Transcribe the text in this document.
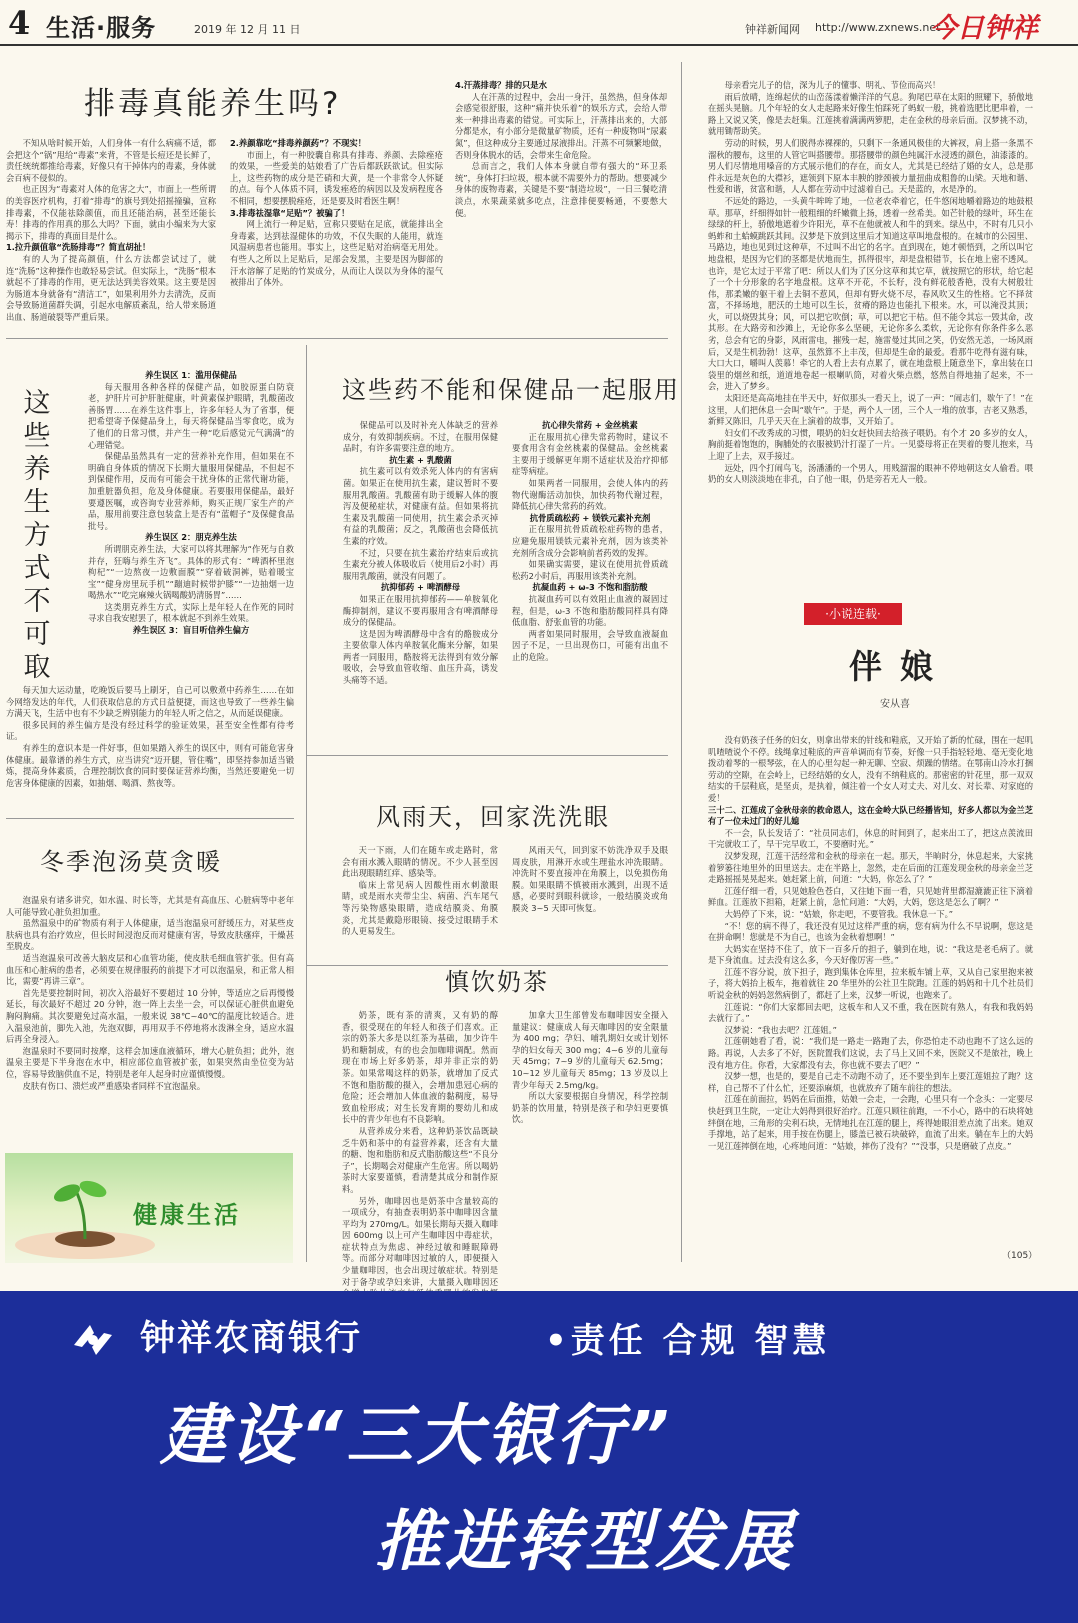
4 生活·服务	2019 年 12 月 11 日	钟祥新闻网 http://www.zxnews.net
今日钟祥
排毒真能养生吗?

不知从啥时候开始，人们身体一有什么病痛不适，都会把这个“锅”甩给“毒素”来背，不管是长痘还是长鲜了，责任统统都推给毒素，好像只有干掉体内的毒素，身体就会百病不侵似的。

也正因为“毒素对人体的危害之大”，市面上一些所谓的美容医疗机构，打着“排毒”的旗号到处招摇撞骗，宣称排毒素，不仅能祛除颜值，而且还能治病，甚至还能长寿！排毒的作用真的那么大吗？下面，就由小编来为大家揭示下，排毒的真面目是什么。

1.拉升颜值靠“洗肠排毒”？简直胡扯！

有的人为了提高颜值，什么方法都尝试过了，就连“洗肠”这种操作也敢轻易尝试。但实际上，“洗肠”根本就起不了排毒的作用，更无法达到美容效果。这主要是因为肠道本身就备有“清洁工”，如果利用外力去清洗，反而会导致肠道菌群失调，引起水电解质紊乱，给人带来肠道出血、肠道破裂等严重后果。

2.养颜靠吃“排毒养颜药”？不现实！

市面上，有一种胶囊自称具有排毒、养颜、去除痤疮的效果，一些爱美的姑娘看了广告后都跃跃欲试。但实际上，这些药物的成分是芒硝和大黄，是一个非常令人怀疑的点。每个人体质不同，诱发痤疮的病因以及发病程度各不相同，想要摆脱痤疮，还是要及时看医生啊！

3.排毒祛湿靠“足贴”？被骗了！

网上流行一种足贴，宣称只要贴在足底，就能排出全身毒素，达到祛湿健体的功效，不仅失眠的人能用，就连风湿病患者也能用。事实上，这些足贴对治病毫无用处。有些人之所以上足贴后，足部会发黑，主要是因为脚部的汗水溶解了足贴的竹炭成分，从而让人误以为身体的湿气被排出了体外。

4.汗蒸排毒？排的只是水

人在汗蒸的过程中，会出一身汗，虽然热，但身体却会感觉很舒服，这种“痛并快乐着”的娱乐方式，会给人带来一种排出毒素的错觉。可实际上，汗蒸排出来的，大部分都是水，有小部分是微量矿物质，还有一种废物叫“尿素氮”，但这种成分主要通过尿液排出。汗蒸不可频繁地做，否则身体脱水的话，会带来生命危险。

总而言之，我们人体本身就自带有强大的“环卫系统”，身体打扫垃圾，根本就不需要外力的帮助。想要减少身体的废物毒素，关键是不要“制造垃圾”，一日三餐吃清淡点，水果蔬菜就多吃点，注意排便要畅通，不要憋大便。

这些养生方式不可取

养生误区 1：滥用保健品

每天服用各种各样的保健产品，如胶原蛋白防衰老，护肝片可护肝脏健康，叶黄素保护眼睛，乳酸菌改善肠胃……在养生这件事上，许多年轻人为了省事，便把希望寄予保健品身上，每天将保健品当零食吃，成为了他们的日常习惯，并产生一种“吃后感觉元气满满”的心理错觉。

保健品虽然具有一定的营养补充作用，但如果在不明确自身体质的情况下长期大量服用保健品，不但起不到保健作用，反而有可能会干扰身体的正常代谢功能，加重脏器负担，危及身体健康。若要服用保健品，最好要遵医嘱，或咨询专业营养师，购买正规厂家生产的产品，服用前要注意包装盒上是否有“蓝帽子”及保健食品批号。

养生误区 2：朋克养生法

所谓朋克养生法，大家可以将其理解为“作死与自救并存，狂嗨与养生齐飞”。具体的形式有：“啤酒杯里泡枸杞”“一边熬夜一边敷面膜”“穿着破洞裤，贴着暖宝宝”“健身房里玩手机”“蹦迪时候带护膝”“一边抽烟一边喝热水”“吃完麻辣火锅喝酸奶清肠胃”……

这类朋克养生方式，实际上是年轻人在作死的同时寻求自我安慰罢了，根本就起不到养生效果。

养生误区 3：盲目听信养生偏方

每天加大运动量，吃晚饭后要马上刷牙，自己可以敷煮中药养生……在如今网络发达的年代，人们获取信息的方式日益便捷，而这也导致了一些养生偏方满天飞，生活中也有不少缺乏辨别能力的年轻人听之信之，从而延误健康。

很多民间的养生偏方是没有经过科学的验证效果，甚至安全性都有待考证。

有养生的意识本是一件好事，但如果踏入养生的误区中，则有可能危害身体健康。最靠谱的养生方式，应当讲究“迈开腿，管住嘴”，即坚持参加适当锻炼，提高身体素质，合理控制饮食的同时要保证营养均衡，当然还要避免一切危害身体健康的因素，如抽烟、喝酒、熬夜等。

这些药不能和保健品一起服用

保健品可以及时补充人体缺乏的营养成分，有效抑制疾病。不过，在服用保健品时，有许多需要注意的地方。

抗生素 + 乳酸菌

抗生素可以有效杀死人体内的有害病菌。如果正在使用抗生素，建议暂时不要服用乳酸菌。乳酸菌有助于缓解人体的腹泻及便秘症状，对健康有益。但如果将抗生素及乳酸菌一同使用，抗生素会杀灭掉有益的乳酸菌；反之，乳酸菌也会降低抗生素的疗效。

不过，只要在抗生素治疗结束后或抗生素充分被人体吸收后（使用后2小时）再服用乳酸菌，就没有问题了。

抗抑郁药 + 啤酒酵母

如果正在服用抗抑郁药——单胺氧化酶抑制剂，建议不要再服用含有啤酒酵母成分的保健品。

这是因为啤酒酵母中含有的酪胺成分主要依靠人体内单胺氧化酶来分解，如果两者一同服用，酪胺将无法得到有效分解吸收，会导致血管收缩、血压升高，诱发头痛等不适。

抗心律失常药 + 金丝桃素

正在服用抗心律失常药物时，建议不要食用含有金丝桃素的保健品。金丝桃素主要用于缓解更年期不适症状及治疗抑郁症等病症。

如果两者一同服用，会使人体内的药物代谢酶活动加快，加快药物代谢过程，降低抗心律失常药的药效。

抗骨质疏松药 + 镁铁元素补充剂

正在服用抗骨质疏松症药物的患者，应避免服用镁铁元素补充剂，因为该类补充剂所含成分会影响前者药效的发挥。

如果确实需要，建议在使用抗骨质疏松药2小时后，再服用该类补充剂。

抗凝血药 + ω-3 不饱和脂肪酸

抗凝血药可以有效阻止血液的凝固过程，但是，ω-3 不饱和脂肪酸同样具有降低血脂、舒张血管的功能。

两者如果同时服用，会导致血液凝血因子不足，一旦出现伤口，可能有出血不止的危险。

风雨天，回家洗洗眼

天一下雨，人们在随车或走路时，常会有雨水溅入眼睛的情况。不少人甚至因此出现眼睛红痒、感染等。

临床上常见病人因酸性雨水刺激眼睛，或是雨水夹带尘尘、病菌、汽车尾气等污染物感染眼睛，造成结膜炎、角膜炎，尤其是戴隐形眼镜、接受过眼睛手术的人更易发生。

风雨天气，回到家不妨洗净双手及眼周皮肤，用淋开水或生理盐水冲洗眼睛。冲洗时不要直接冲在角膜上，以免损伤角膜。如果眼睛不慎被雨水溅到，出现不适感，必要时到眼科就诊，一般结膜炎或角膜炎 3~5 天即可恢复。

冬季泡汤莫贪暖

泡温泉有诸多讲究，如水温、时长等，尤其是有高血压、心脏病等中老年人可能导致心脏负担加重。

虽然温泉中的矿物质有利于人体健康，适当泡温泉可舒缓压力，对某些皮肤病也具有治疗效应，但长时间浸泡反而对健康有害，导致皮肤瘙痒，干燥甚至脱皮。

适当泡温泉可改善大脑皮层和心血管功能，使皮肤毛细血管扩张。但有高血压和心脏病的患者，必须要在规律服药的前提下才可以泡温泉，和正常人相比，需要“再讲三章”。

首先是要控制时间，初次入浴最好不要超过 10 分钟，等适应之后再慢慢延长，每次最好不超过 20 分钟，泡一阵上去坐一会，可以保证心脏供血避免胸闷胸痛。其次要避免过高水温，一般来说 38℃~40℃的温度比较适合。进入温泉池前，脚先入池，先泡双脚，再用双手不停地将水泼淋全身，适应水温后再全身浸入。

泡温泉时不要同时按摩，这样会加速血液循环，增大心脏负担；此外，泡温泉主要是下半身泡在水中，相应部位血管被扩张，如果突然由坐位变为站位，容易导致脑供血不足，特别是老年人起身时应谨慎慢慢。

皮肤有伤口、溃烂或严重感染者同样不宜泡温泉。

健康生活
慎饮奶茶

奶茶，既有茶的清爽，又有奶的醇香，很受现在的年轻人和孩子们喜欢。正宗的奶茶大多是以红茶为基础，加少许牛奶和糖制成，有的也会加咖啡调配。然而现在市场上好多奶茶，却并非正宗的奶茶。如果常喝这样的奶茶，就增加了反式不饱和脂肪酸的摄入，会增加患冠心病的危险；还会增加人体血液的黏稠度，易导致血栓形成；对生长发育期的婴幼儿和成长中的青少年也有不良影响。

从营养成分来看，这种奶茶饮品既缺乏牛奶和茶中的有益营养素，还含有大量的糖、饱和脂肪和反式脂肪酸这些“不良分子”，长期喝会对健康产生危害。所以喝奶茶时大家要谨慎，看清楚其成分和制作原料。

另外，咖啡因也是奶茶中含量较高的一项成分，有抽查表明奶茶中咖啡因含量平均为 270mg/L。如果长期每天摄入咖啡因 600mg 以上可产生咖啡因中毒症状，症状特点为焦虑、神经过敏和睡眠障碍等。而部分对咖啡因过敏的人，即便摄入少量咖啡因，也会出现过敏症状。特别是对于备孕或孕妇来讲，大量摄入咖啡因还

加拿大卫生部曾发布咖啡因安全摄入量建议：健康成人每天咖啡因的安全限量为 400 mg；孕妇、哺乳期妇女或计划怀孕的妇女每天 300 mg；4~6 岁的儿童每天 45mg；7~9 岁的儿童每天 62.5mg；10~12 岁儿童每天 85mg；13 岁及以上青少年每天 2.5mg/kg。

所以大家要根据自身情况，科学控制奶茶的饮用量，特别是孩子和孕妇更要慎饮。

母亲看完儿子的信，深为儿子的懂事、明礼、节俭而高兴！

雨后放晴，连绵起伏的山峦荡漾着懒洋洋的气息。狗尾巴草在太阳的照耀下，骄傲地在摇头晃脑。几个年轻的女人走起路来好像生怕踩死了蚂蚁一般，挑着选肥比肥串着，一路上又说又笑，像是去赶集。江莲挑着满满两箩肥，走在金秋的母亲后面。汉梦挑不动，就用锄帮助笑。

劳动的时候，男人们脱得赤裸裸的，只剩下一条通风极佳的大裤衩，肩上搭一条黑不溜秋的腰布，这里的人管它叫搭腰带。那搭腰带的颜色纯属汗水浸透的颜色，油漆漆的。男人们尽情地用嗓音的方式展示他们的存在，而女人，尤其是已经结了婚的女人，总是那件永远是灰色的大襟衫，遮领到下原本丰腴的脖颈被力量扭曲成粗鲁的山梁。天地和谐、性爱和谐，贫富和谐，人人都在劳动中过滤着自己。天是蓝的，水是净的。

不远处的路边，一头黄牛哞哞了地，一位老农牵着它，任牛悠闲地嚼着路边的地鼓根草。那草，纤细得如针一般粗细的纤嫩微上扬，透着一丝希美。如芒针般的绿叶，环生在绿绿的杆上，骄傲地遮着少许阳光，草不在他就被人和牛的到来。绿丛中，不时有几只小蚂蚱和土蛤蟆跳跃其间。汉梦是下放到这里后才知道这草叫地盘根的。在城市的公园里、马路边，地也见到过这种草，不过叫不出它的名字。直到现在，她才顿悟到，之所以叫它地盘根，是因为它们的茎都是伏地而生，抓得很牢，却是盘根错节，长在地上密不透风。也许，是它太过于平常了吧：所以人们为了区分这草和其它草，就按照它的形状，给它起了一个十分形象的名字地盘根。这草不开花，不长籽，没有鲜花般香艳，没有大树般壮伟，那柔嫩的躯干着上去铜不惹风，但却有野火烧不尽，春风吹又生的性格。它不择贫富，不择场地，肥沃的土地可以生长，贫瘠的路边也能扎下根来。水，可以淹没其顶；火，可以烧毁其身；风，可以把它吹倒；草，可以把它干枯。但不能令其忘一毁其命，改其形。在大路旁和沙滩上，无论你多么坚硬，无论你多么柔软，无论你有你条件多么恶劣，总会有它的身影，风雨雷电，摧残一起，施雷曼过其回之笑，仍安然无恙，一场风雨后，又是生机勃勃！这草，虽然算不上丰茂，但却是生命的最爱。看那牛吃得有滋有味，大口大口，嚼叫人羡慕！牵它的人看上去有点累了，就在地盘根上随意坐下，拿出装在口袋里的烟丝和纸，道道地卷起一根喇叭筒，对着火柴点燃，悠然自得地抽了起来，不一会，进入了梦乡。

太阳还是高高地挂在半天中，好似那头一看天上，说了一声：“闹志们，歇午了！”在这里，人们把休息一会叫“歇午”。于是，两个人一团，三个人一堆的放事，吉老又熟悉，新鲜又陈旧，几乎天天在上演着的故事，又开始了。

妇女们不改秀成的习惯，喂奶的妇女赶快回去给孩子喂奶。有个才 20 多岁的女人，胸前挺着饱饱的，胸脯处的衣服被奶汁打湿了一片。一见婆母将正在哭着的婴儿抱来，马上迎了上去，双手接过。

远处，四个打闹鸟飞，汤潘潘的一个男人，用贱溜溜的眼神不停地朝这女人偷看。喂奶的女人则淡淡地在非孔，白了他一眼，仍是旁若无人一般。

·小说连载·
伴娘
安从喜

没有奶孩子任务的妇女，则拿出带来的针线和鞋底，又开始了新的忙碌，围在一起叽叽喳喳说个不停。线绳拿过鞋底的声音单调而有节奏，好像一只手指轻轻地、毫无变化地拨动着琴的一根琴弦，在人的心里勾起一种无聊、空寂、烦躁的情绪。在鄂南山冷水打捆劳动的空隙，在会岭上，已经结婚的女人，没有不纳鞋底的。那密密的针花里，那一双双结实的千层鞋底，是坚贞，是执着，倾注着一个女人对丈夫、对儿女、对长辈、对家庭的爱！

三十二、江莲成了金秋母亲的救命恩人，这在金岭大队已经播皆知，好多人都以为金兰芝有了一位未过门的好儿媳

不一会，队长发话了：“社员同志们，休息的时间到了，起来出工了，把这点羡流田干完就收工了，早干完早收工，不要磨时光。”

汉梦发现，江莲干活经常和金秋的母亲在一起。那天，半晌时分，休息起来，大家挑着箩篓往地里外的田里送去。走在半路上，忽然，走在后面的江莲发现金秋的母亲金兰芝走路摇摇晃晃起来。她赶紧上前，问道：“大妈，你怎么了？”

江莲仔细一看，只见她脸色苍白，又往她下面一看，只见她背里都湿漉漉正往下滴着鲜血。江莲放下担箱，赶紧上前，急忙问道：“大妈，大妈，您这是怎么了啊？”

大妈停了下来，说：“姑娘，你走吧，不要管我。我休息一下。”

“不！您的病不得了，我还没有见过这样严重的病，您有病为什么不早说啊，您这是在拼命啊！您就是不为自己，也该为金秋着想啊！”

大妈实在坚持不住了，放下一百多斤的担子，躺到在地，说：“我这是老毛病了。就是下身流血。过去没有这么多，今天好像厉害一些。”

江莲不容分说，放下担子，跑到集体仓库里，拉来板车铺上草，又从自己家里抱来被子，将大妈抬上板车，拖着就往 20 华里外的公社卫生院跑。江莲的妈妈和十几个社员们听说金秋的妈妈忽然病倒了，都赶了上来，汉梦一听说，也跑来了。

江莲说：“你们大家都回去吧，这板车和人又不重，我在医院有熟人，有我和我妈妈去就行了。”

汉梦说：“我也去吧？江莲姐。”

江莲朝她看了看，说：“我们是一路走一路跑了去，你恐怕走不动也跑不了这么远的路。再说，人去多了不好，医院置我们这说，去了马上又回不来，医院又不是旅社，晚上没有地方住。你看，大家都没有去，你也就不要去了吧？”

汉梦一想，也是的，要是自己走不动跑不动了，还不要坐到车上要江莲姐拉了跑？这样，自己帮不了什么忙，还要添麻烦，也就放弃了随车前往的想法。

江莲在前面拉，妈妈在后面推，姑娘一会走，一会跑，心里只有一个念头：一定要尽快赶到卫生院，一定让大妈得到很好治疗。江莲只顾往前跑，一不小心，路中的石块将她绊倒在地，三角形的尖利石块，无情地扎在江莲的腿上，疼得她眼泪差点流了出来。她双手撑地，站了起来，用手按在伤腿上，膝盖已被石块破碎，血流了出来。躺在车上的大妈一见江莲摔倒在地，心疼地问道：“姑娘，摔伤了没有？”“没事，只是磨破了点皮。”

（105）
钟祥农商银行	•责任 合规 智慧
建设“三大银行”
推进转型发展
